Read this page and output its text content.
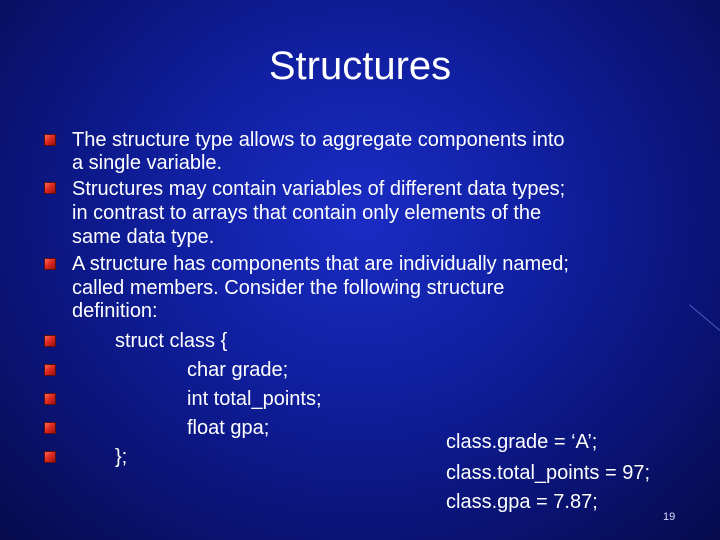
Structures
The structure type allows to aggregate components into
a single variable.
Structures may contain variables of different data types;
in contrast to arrays that contain only elements of the
same data type.
A structure has components that are individually named;
called members. Consider the following structure
definition:
struct class {
char grade;
int total_points;
float gpa;
};
class.grade = ‘A’;
class.total_points = 97;
class.gpa = 7.87;
19
